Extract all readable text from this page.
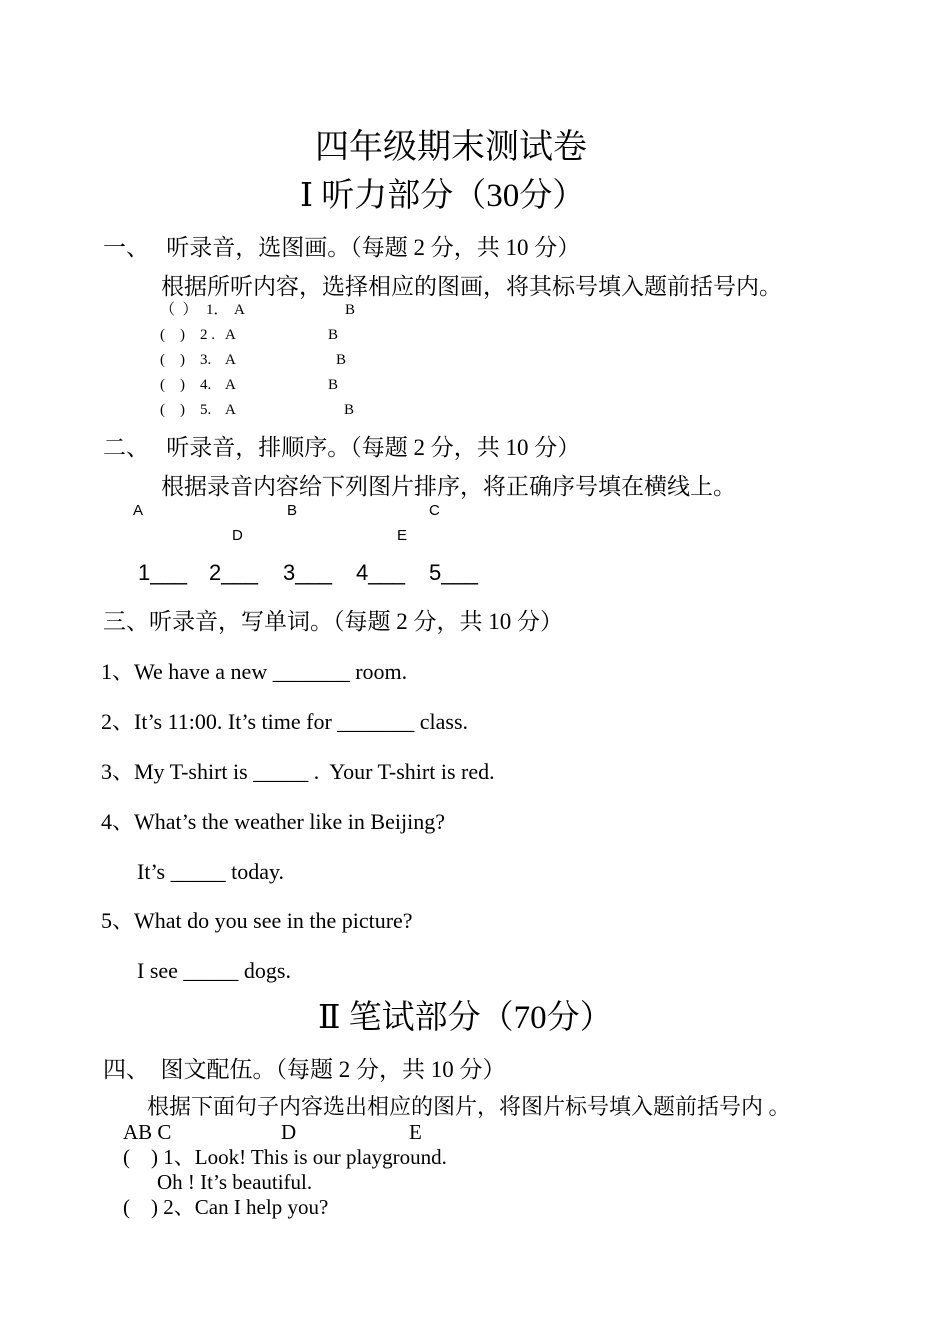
四年级期末测试卷
Ⅰ 听力部分（30分）
一、   听录音，选图画。（每题 2 分，共 10 分）
根据所听内容，选择相应的图画，将其标号填入题前括号内。
（  ） 1． A	B
(    ) 2 . A	B
(    ) 3. A	B
(    ) 4. A	B
(    ) 5. A	B
二、   听录音，排顺序。（每题 2 分，共 10 分）
根据录音内容给下列图片排序，将正确序号填在横线上。
A	B	C
D	E
1___ 2___ 3___ 4___ 5___
三、听录音，写单词。（每题 2 分，共 10 分）
1、We have a new _______ room.
2、It’s 11:00. It’s time for _______ class.
3、My T-shirt is _____ .  Your T-shirt is red.
4、What’s the weather like in Beijing?
It’s _____ today.
5、What do you see in the picture?
I see _____ dogs.
Ⅱ 笔试部分（70分）
四、  图文配伍。（每题 2 分，共 10 分）
根据下面句子内容选出相应的图片，将图片标号填入题前括号内 。
AB C	D	E
(    ) 1、Look! This is our playground.
Oh ! It’s beautiful.
(    ) 2、Can I help you?
